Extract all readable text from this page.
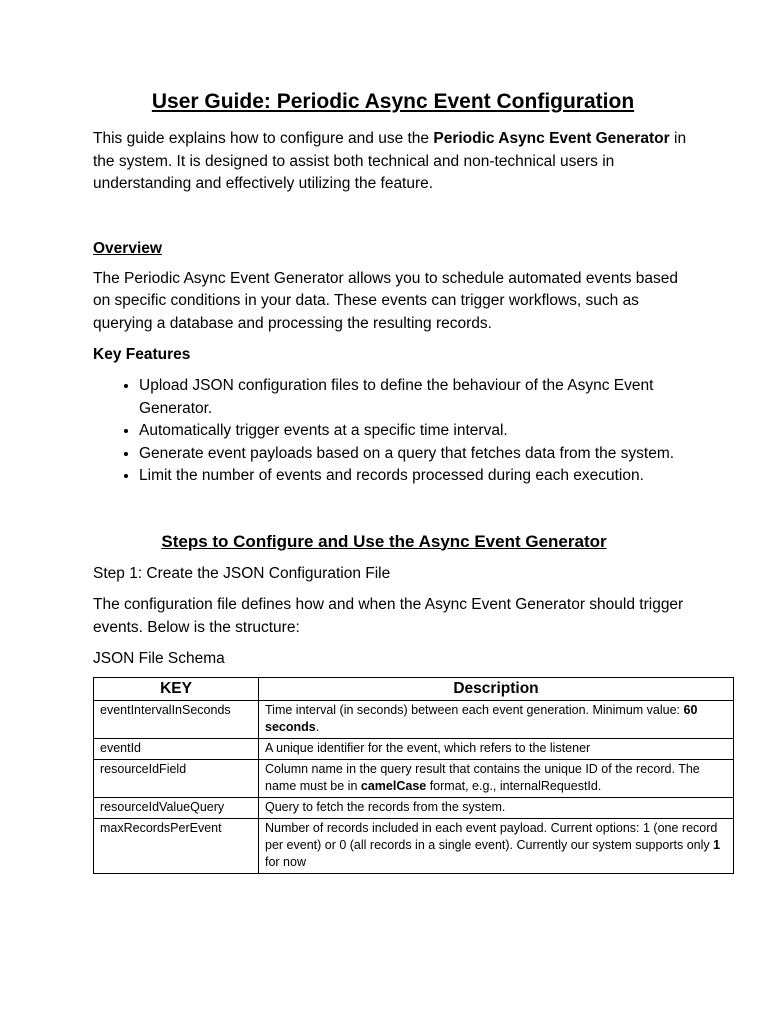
User Guide: Periodic Async Event Configuration

This guide explains how to configure and use the Periodic Async Event Generator in the system. It is designed to assist both technical and non-technical users in understanding and effectively utilizing the feature.

Overview

The Periodic Async Event Generator allows you to schedule automated events based on specific conditions in your data. These events can trigger workflows, such as querying a database and processing the resulting records.

Key Features
• Upload JSON configuration files to define the behaviour of the Async Event Generator.
• Automatically trigger events at a specific time interval.
• Generate event payloads based on a query that fetches data from the system.
• Limit the number of events and records processed during each execution.
Steps to Configure and Use the Async Event Generator

Step 1: Create the JSON Configuration File

The configuration file defines how and when the Async Event Generator should trigger events. Below is the structure:

JSON File Schema

KEY	Description
eventIntervalInSeconds	Time interval (in seconds) between each event generation. Minimum value: 60 seconds.
eventId	A unique identifier for the event, which refers to the listener
resourceIdField	Column name in the query result that contains the unique ID of the record. The name must be in camelCase format, e.g., internalRequestId.
resourceIdValueQuery	Query to fetch the records from the system.
maxRecordsPerEvent	Number of records included in each event payload. Current options: 1 (one record per event) or 0 (all records in a single event). Currently our system supports only 1 for now
